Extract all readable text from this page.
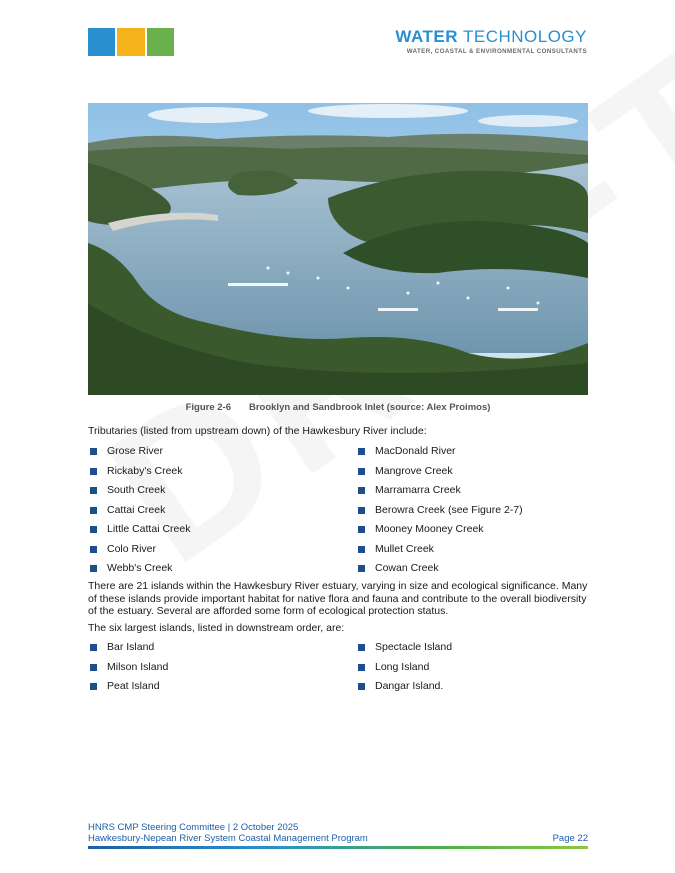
WATER TECHNOLOGY
WATER, COASTAL & ENVIRONMENTAL CONSULTANTS
Figure 2-6 Brooklyn and Sandbrook Inlet (source: Alex Proimos)
Tributaries (listed from upstream down) of the Hawkesbury River include:
Grose River
Rickaby's Creek
South Creek
Cattai Creek
Little Cattai Creek
Colo River
Webb's Creek
MacDonald River
Mangrove Creek
Marramarra Creek
Berowra Creek (see Figure 2-7)
Mooney Mooney Creek
Mullet Creek
Cowan Creek
There are 21 islands within the Hawkesbury River estuary, varying in size and ecological significance. Many of these islands provide important habitat for native flora and fauna and contribute to the overall biodiversity of the estuary. Several are afforded some form of ecological protection status.
The six largest islands, listed in downstream order, are:
Bar Island
Milson Island
Peat Island
Spectacle Island
Long Island
Dangar Island.
HNRS CMP Steering Committee | 2 October 2025
Hawkesbury-Nepean River System Coastal Management Program	Page 22
